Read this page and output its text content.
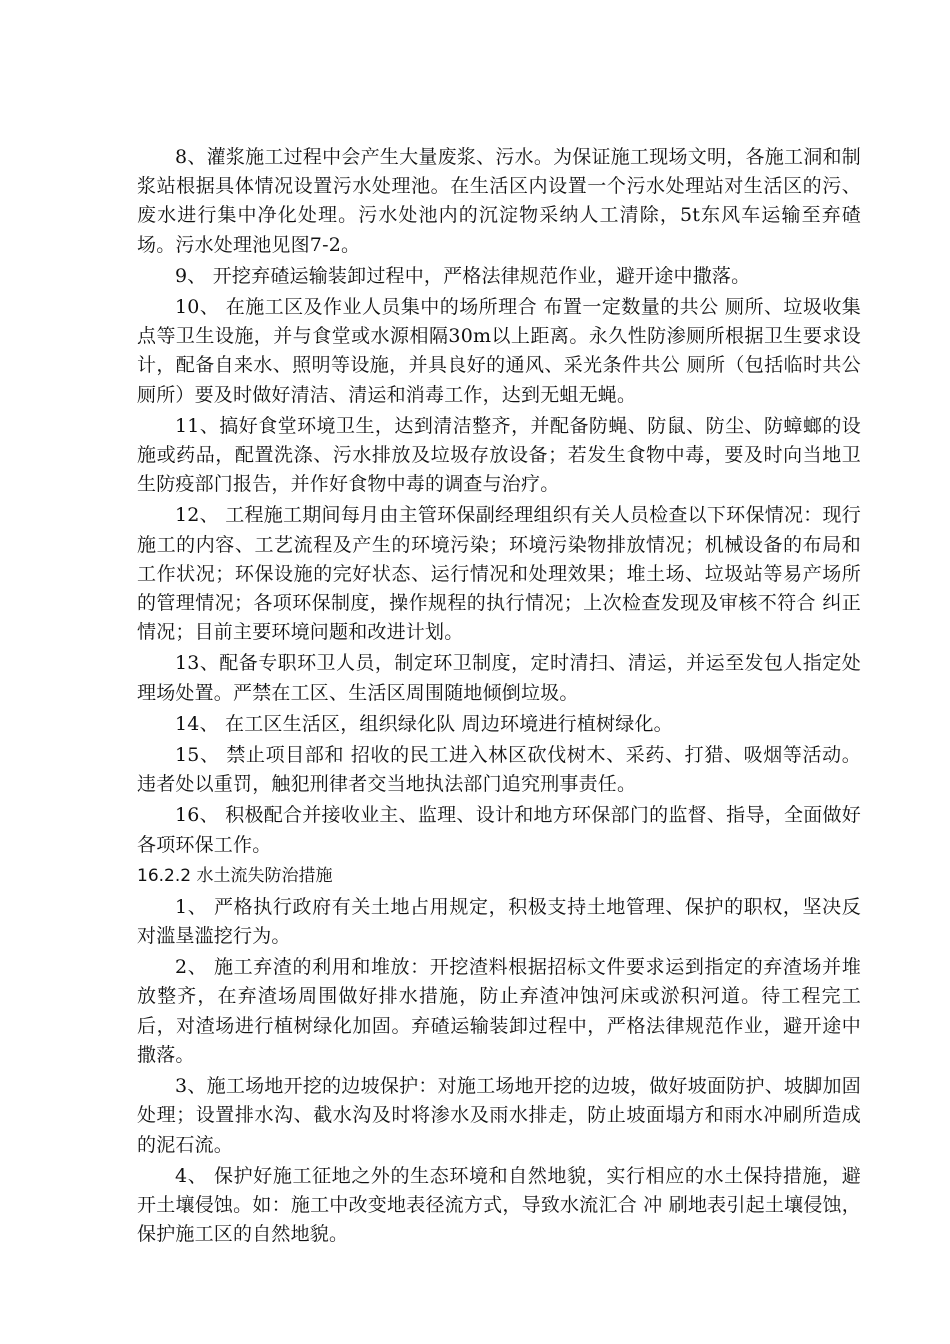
8、灌浆施工过程中会产生大量废浆、污水。为保证施工现场文明，各施工洞和制浆站根据具体情况设置污水处理池。在生活区内设置一个污水处理站对生活区的污、废水进行集中净化处理。污水处池内的沉淀物采纳人工清除，5t东风车运输至弃碴场。污水处理池见图7-2。

9、 开挖弃碴运输装卸过程中，严格法律规范作业，避开途中撒落。

10、 在施工区及作业人员集中的场所理合 布置一定数量的共公 厕所、垃圾收集点等卫生设施，并与食堂或水源相隔30m以上距离。永久性防渗厕所根据卫生要求设计，配备自来水、照明等设施，并具良好的通风、采光条件共公 厕所（包括临时共公 厕所）要及时做好清洁、清运和消毒工作，达到无蛆无蝇。

11、搞好食堂环境卫生，达到清洁整齐，并配备防蝇、防鼠、防尘、防蟑螂的设施或药品，配置洗涤、污水排放及垃圾存放设备；若发生食物中毒，要及时向当地卫生防疫部门报告，并作好食物中毒的调查与治疗。

12、 工程施工期间每月由主管环保副经理组织有关人员检查以下环保情况：现行施工的内容、工艺流程及产生的环境污染；环境污染物排放情况；机械设备的布局和工作状况；环保设施的完好状态、运行情况和处理效果；堆土场、垃圾站等易产场所的管理情况；各项环保制度，操作规程的执行情况；上次检查发现及审核不符合 纠正情况；目前主要环境问题和改进计划。

13、配备专职环卫人员，制定环卫制度，定时清扫、清运，并运至发包人指定处理场处置。严禁在工区、生活区周围随地倾倒垃圾。

14、 在工区生活区，组织绿化队 周边环境进行植树绿化。

15、 禁止项目部和 招收的民工进入林区砍伐树木、采药、打猎、吸烟等活动。违者处以重罚，触犯刑律者交当地执法部门追究刑事责任。

16、 积极配合并接收业主、监理、设计和地方环保部门的监督、指导，全面做好各项环保工作。

16.2.2 水土流失防治措施

1、 严格执行政府有关土地占用规定，积极支持土地管理、保护的职权，坚决反对滥垦滥挖行为。

2、 施工弃渣的利用和堆放：开挖渣料根据招标文件要求运到指定的弃渣场并堆放整齐，在弃渣场周围做好排水措施，防止弃渣冲蚀河床或淤积河道。待工程完工后，对渣场进行植树绿化加固。弃碴运输装卸过程中，严格法律规范作业，避开途中撒落。

3、施工场地开挖的边坡保护：对施工场地开挖的边坡，做好坡面防护、坡脚加固处理；设置排水沟、截水沟及时将渗水及雨水排走，防止坡面塌方和雨水冲刷所造成的泥石流。

4、 保护好施工征地之外的生态环境和自然地貌，实行相应的水土保持措施，避开土壤侵蚀。如：施工中改变地表径流方式，导致水流汇合 冲 刷地表引起土壤侵蚀，保护施工区的自然地貌。
